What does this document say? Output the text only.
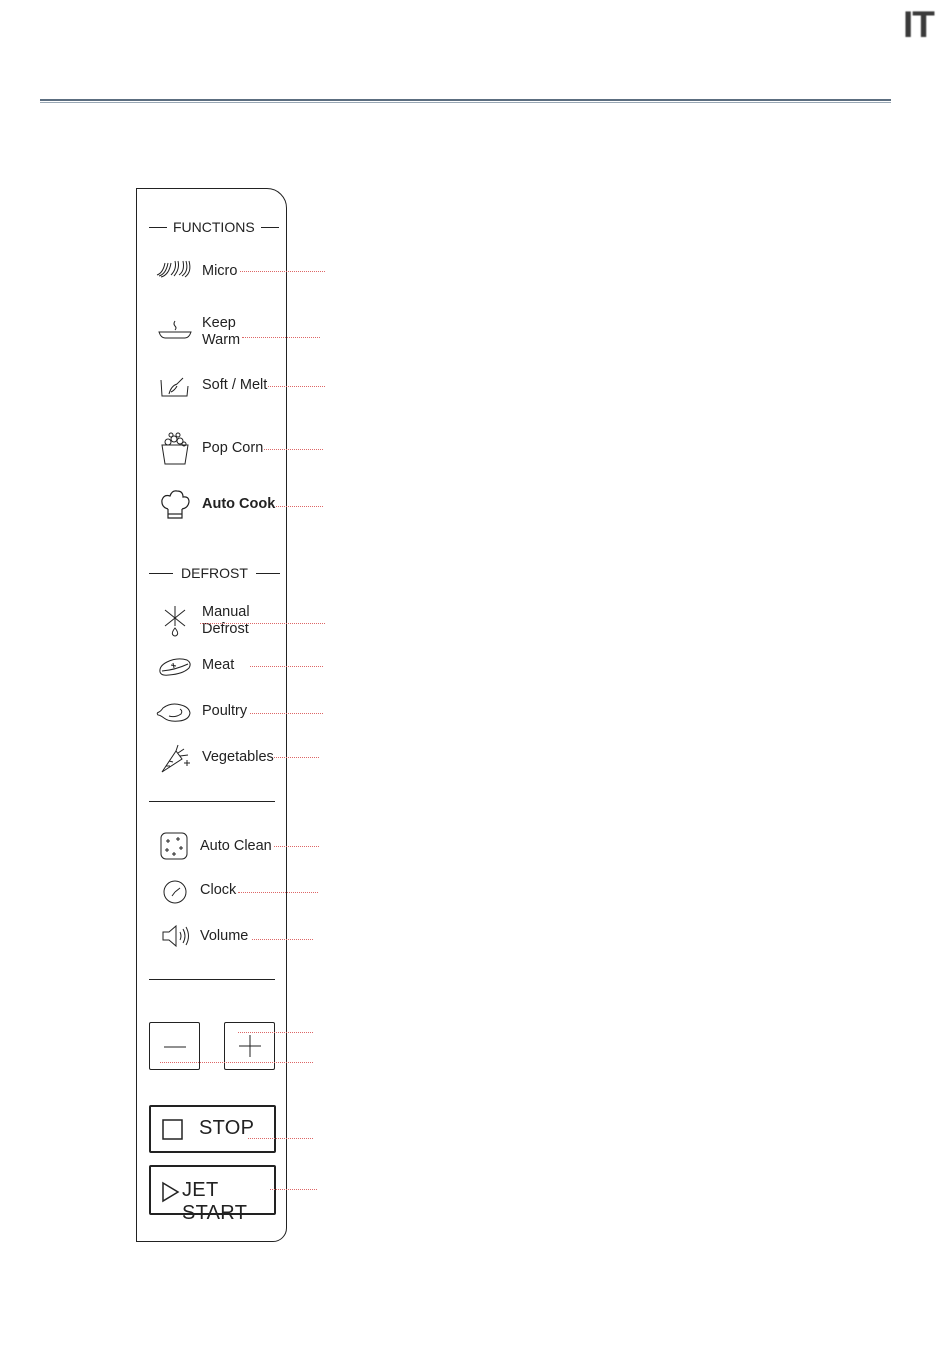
IT
FUNCTIONS
Micro
Keep
Warm
Soft / Melt
Pop Corn
Auto Cook
DEFROST
Manual
Defrost
Meat
Poultry
Vegetables
Auto Clean
Clock
Volume
STOP
JET START
